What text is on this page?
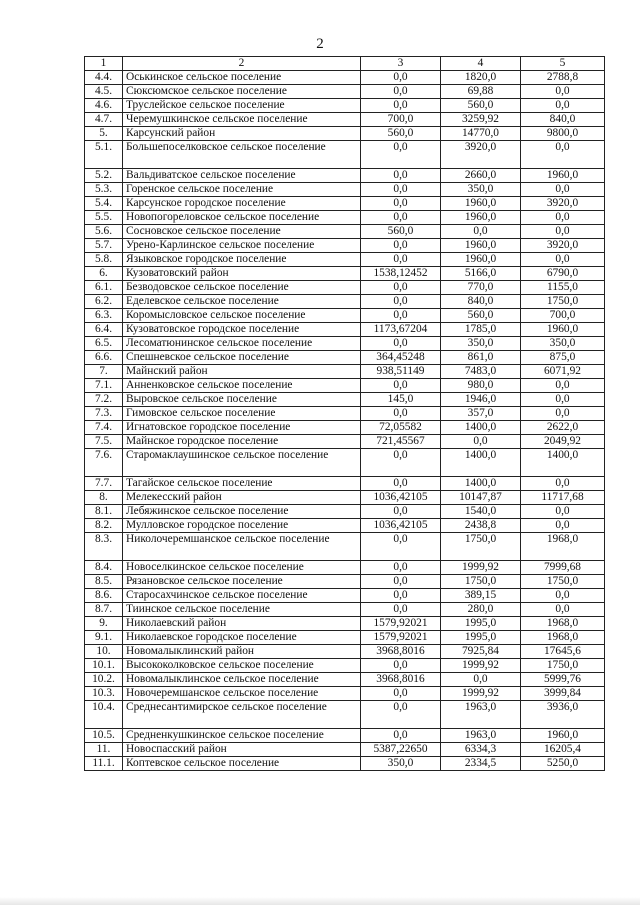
2
1	2	3	4	5
4.4.	Оськинское сельское поселение	0,0	1820,0	2788,8
4.5.	Сюксюмское сельское поселение	0,0	69,88	0,0
4.6.	Труслейское сельское поселение	0,0	560,0	0,0
4.7.	Черемушкинское сельское поселение	700,0	3259,92	840,0
5.	Карсунский район	560,0	14770,0	9800,0
5.1.	Большепоселковское сельское поселение	0,0	3920,0	0,0
5.2.	Вальдиватское сельское поселение	0,0	2660,0	1960,0
5.3.	Горенское сельское поселение	0,0	350,0	0,0
5.4.	Карсунское городское поселение	0,0	1960,0	3920,0
5.5.	Новопогореловское сельское поселение	0,0	1960,0	0,0
5.6.	Сосновское сельское поселение	560,0	0,0	0,0
5.7.	Урено-Карлинское сельское поселение	0,0	1960,0	3920,0
5.8.	Языковское городское поселение	0,0	1960,0	0,0
6.	Кузоватовский район	1538,12452	5166,0	6790,0
6.1.	Безводовское сельское поселение	0,0	770,0	1155,0
6.2.	Еделевское сельское поселение	0,0	840,0	1750,0
6.3.	Коромысловское сельское поселение	0,0	560,0	700,0
6.4.	Кузоватовское городское поселение	1173,67204	1785,0	1960,0
6.5.	Лесоматюнинское сельское поселение	0,0	350,0	350,0
6.6.	Спешневское сельское поселение	364,45248	861,0	875,0
7.	Майнский район	938,51149	7483,0	6071,92
7.1.	Анненковское сельское поселение	0,0	980,0	0,0
7.2.	Выровское сельское поселение	145,0	1946,0	0,0
7.3.	Гимовское сельское поселение	0,0	357,0	0,0
7.4.	Игнатовское городское поселение	72,05582	1400,0	2622,0
7.5.	Майнское городское поселение	721,45567	0,0	2049,92
7.6.	Старомаклаушинское сельское поселение	0,0	1400,0	1400,0
7.7.	Тагайское сельское поселение	0,0	1400,0	0,0
8.	Мелекесский район	1036,42105	10147,87	11717,68
8.1.	Лебяжинское сельское поселение	0,0	1540,0	0,0
8.2.	Мулловское городское поселение	1036,42105	2438,8	0,0
8.3.	Николочеремшанское сельское поселение	0,0	1750,0	1968,0
8.4.	Новоселкинское сельское поселение	0,0	1999,92	7999,68
8.5.	Рязановское сельское поселение	0,0	1750,0	1750,0
8.6.	Старосахчинское сельское поселение	0,0	389,15	0,0
8.7.	Тиинское сельское поселение	0,0	280,0	0,0
9.	Николаевский район	1579,92021	1995,0	1968,0
9.1.	Николаевское городское поселение	1579,92021	1995,0	1968,0
10.	Новомалыклинский район	3968,8016	7925,84	17645,6
10.1.	Высококолковское сельское поселение	0,0	1999,92	1750,0
10.2.	Новомалыклинское сельское поселение	3968,8016	0,0	5999,76
10.3.	Новочеремшанское сельское поселение	0,0	1999,92	3999,84
10.4.	Среднесантимирское сельское поселение	0,0	1963,0	3936,0
10.5.	Средненкушкинское сельское поселение	0,0	1963,0	1960,0
11.	Новоспасский район	5387,22650	6334,3	16205,4
11.1.	Коптевское сельское поселение	350,0	2334,5	5250,0
